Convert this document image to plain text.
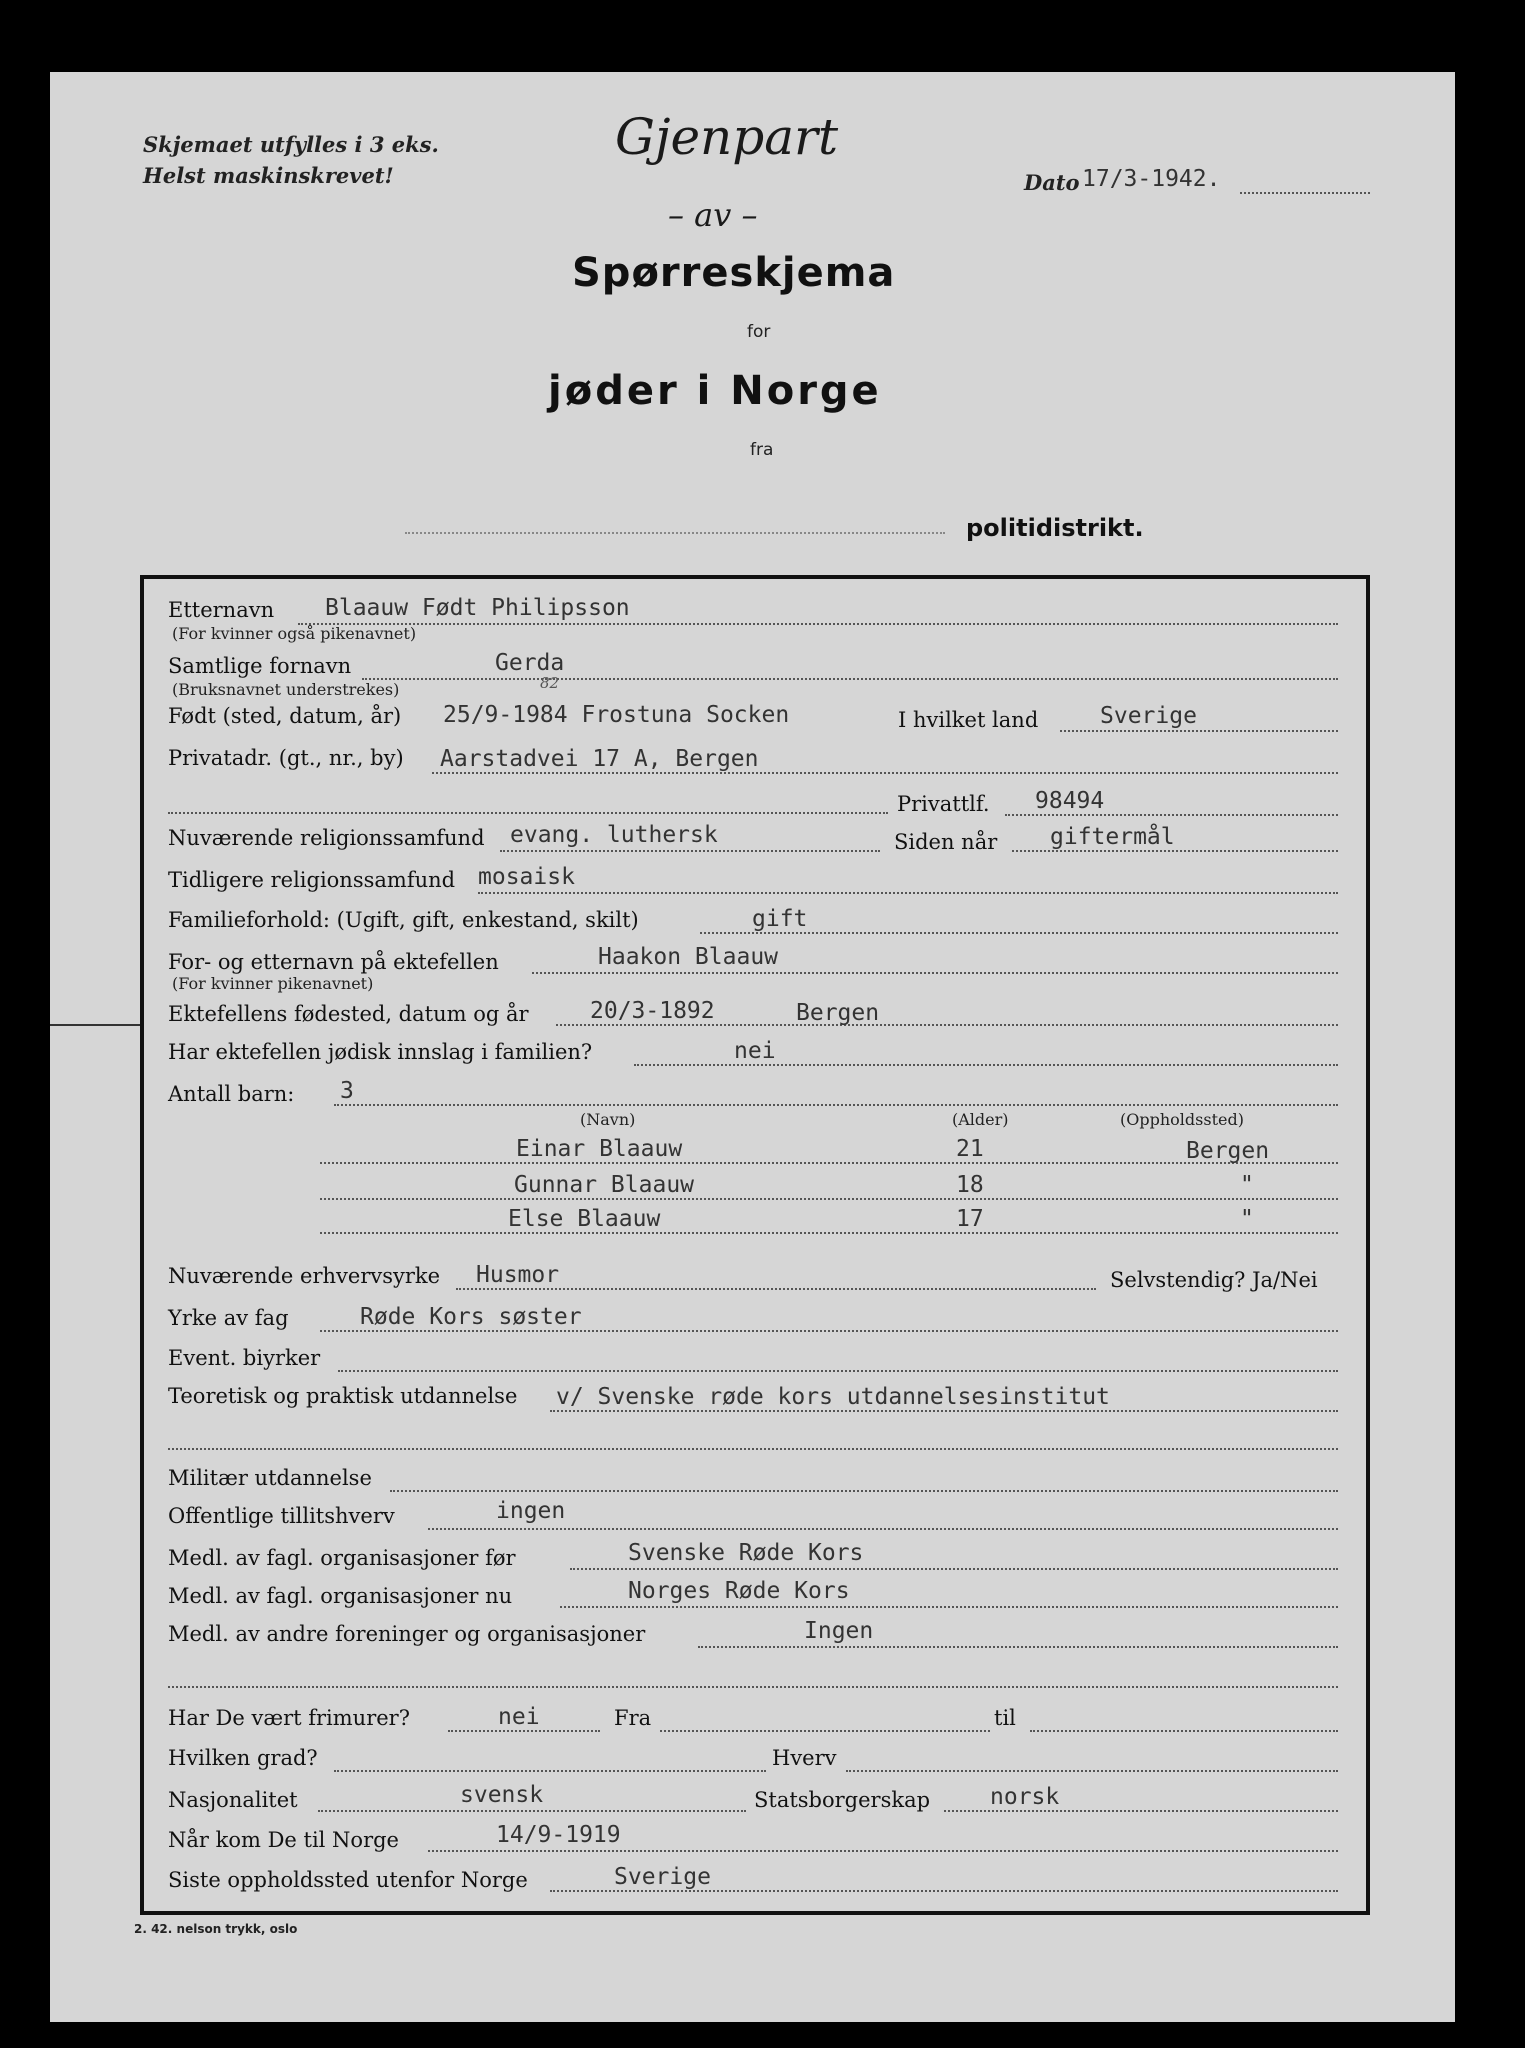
Skjemaet utfylles i 3 eks.
Helst maskinskrevet!
Gjenpart
– av –
Dato 17/3-1942.
Spørreskjema
for
jøder i Norge
fra
politidistrikt.
Etternavn
(For kvinner også pikenavnet)
Blaauw Født Philipsson
Samtlige fornavn
(Bruksnavnet understrekes)
Gerda
82
Født (sted, datum, år) 25/9-1984 Frostuna Socken	I hvilket land	Sverige
Privatadr. (gt., nr., by) Aarstadvei 17 A, Bergen
Privattlf. 98494
Nuværende religionssamfund evang. luthersk	Siden når giftermål
Tidligere religionssamfund mosaisk
Familieforhold: (Ugift, gift, enkestand, skilt)	gift
For- og etternavn på ektefellen
(For kvinner pikenavnet)
Haakon Blaauw
Ektefellens fødested, datum og år	20/3-1892	Bergen
Har ektefellen jødisk innslag i familien?	nei
Antall barn: 3
(Navn)	(Alder)	(Oppholdssted)
Einar Blaauw	21	Bergen
Gunnar Blaauw	18	"
Else Blaauw	17	"
Nuværende erhvervsyrke Husmor	Selvstendig? Ja/Nei
Yrke av fag	Røde Kors søster
Event. biyrker
Teoretisk og praktisk utdannelse v/ Svenske røde kors utdannelsesinstitut
Militær utdannelse
Offentlige tillitshverv	ingen
Medl. av fagl. organisasjoner før	Svenske Røde Kors
Medl. av fagl. organisasjoner nu	Norges Røde Kors
Medl. av andre foreninger og organisasjoner	Ingen
Har De vært frimurer?	nei	Fra	til
Hvilken grad?	Hverv
Nasjonalitet	svensk	Statsborgerskap	norsk
Når kom De til Norge	14/9-1919
Siste oppholdssted utenfor Norge	Sverige
2. 42. nelson trykk, oslo
